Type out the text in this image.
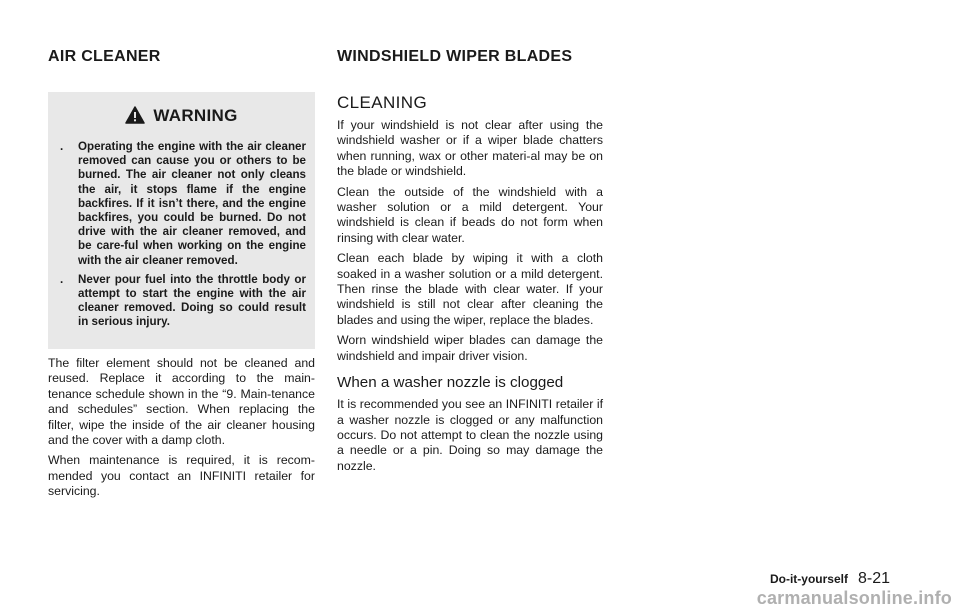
AIR CLEANER	WINDSHIELD WIPER BLADES
WARNING
. Operating the engine with the air cleaner removed can cause you or others to be burned. The air cleaner not only cleans the air, it stops flame if the engine backfires. If it isn’t there, and the engine backfires, you could be burned. Do not drive with the air cleaner removed, and be care-ful when working on the engine with the air cleaner removed.
. Never pour fuel into the throttle body or attempt to start the engine with the air cleaner removed. Doing so could result in serious injury.

The filter element should not be cleaned and reused. Replace it according to the main-tenance schedule shown in the “9. Main-tenance and schedules” section. When replacing the filter, wipe the inside of the air cleaner housing and the cover with a damp cloth.

When maintenance is required, it is recom-mended you contact an INFINITI retailer for servicing.

CLEANING

If your windshield is not clear after using the windshield washer or if a wiper blade chatters when running, wax or other materi-al may be on the blade or windshield.

Clean the outside of the windshield with a washer solution or a mild detergent. Your windshield is clean if beads do not form when rinsing with clear water.

Clean each blade by wiping it with a cloth soaked in a washer solution or a mild detergent. Then rinse the blade with clear water. If your windshield is still not clear after cleaning the blades and using the wiper, replace the blades.

Worn windshield wiper blades can damage the windshield and impair driver vision.

When a washer nozzle is clogged

It is recommended you see an INFINITI retailer if a washer nozzle is clogged or any malfunction occurs. Do not attempt to clean the nozzle using a needle or a pin. Doing so may damage the nozzle.

Do-it-yourself 8-21
carmanualsonline.info
